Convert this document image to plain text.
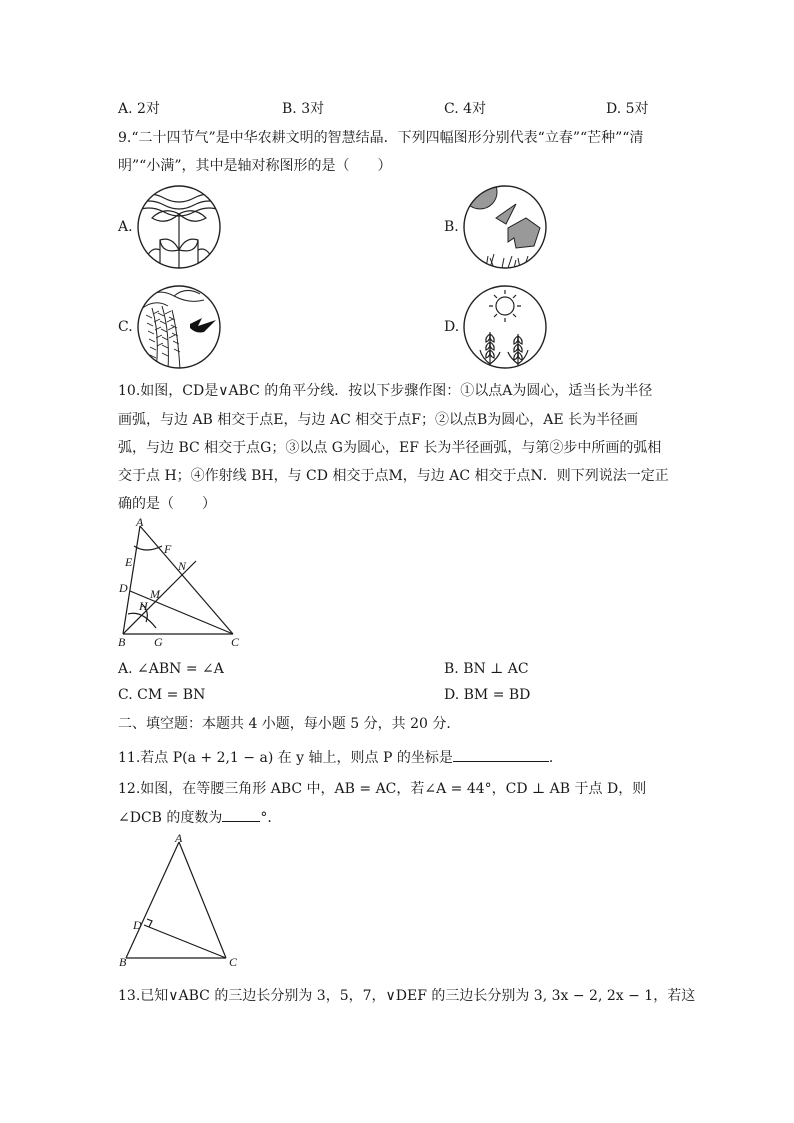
A. 2对	B. 3对	C. 4对	D. 5对
9.“二十四节气”是中华农耕文明的智慧结晶．下列四幅图形分别代表“立春”“芒种”“清
明”“小满”，其中是轴对称图形的是（　　）
A.	B.
C.	D.
10.如图，CD是∨ABC 的角平分线．按以下步骤作图：①以点A为圆心，适当长为半径
画弧，与边 AB 相交于点E，与边 AC 相交于点F；②以点B为圆心，AE 长为半径画
弧，与边 BC 相交于点G；③以点 G为圆心，EF 长为半径画弧，与第②步中所画的弧相
交于点 H；④作射线 BH，与 CD 相交于点M，与边 AC 相交于点N．则下列说法一定正
确的是（　　）
A
F
E	N
D M
H
B G	C
A. ∠ABN = ∠A	B. BN ⊥ AC
C. CM = BN	D. BM = BD
二、填空题：本题共 4 小题，每小题 5 分，共 20 分．
11.若点 P(a + 2,1 − a) 在 y 轴上，则点 P 的坐标是	．
12.如图，在等腰三角形 ABC 中，AB = AC，若∠A = 44°，CD ⊥ AB 于点 D，则
∠DCB 的度数为	°．
A
D
B	C
13.已知∨ABC 的三边长分别为 3，5，7，∨DEF 的三边长分别为 3, 3x − 2, 2x − 1，若这
